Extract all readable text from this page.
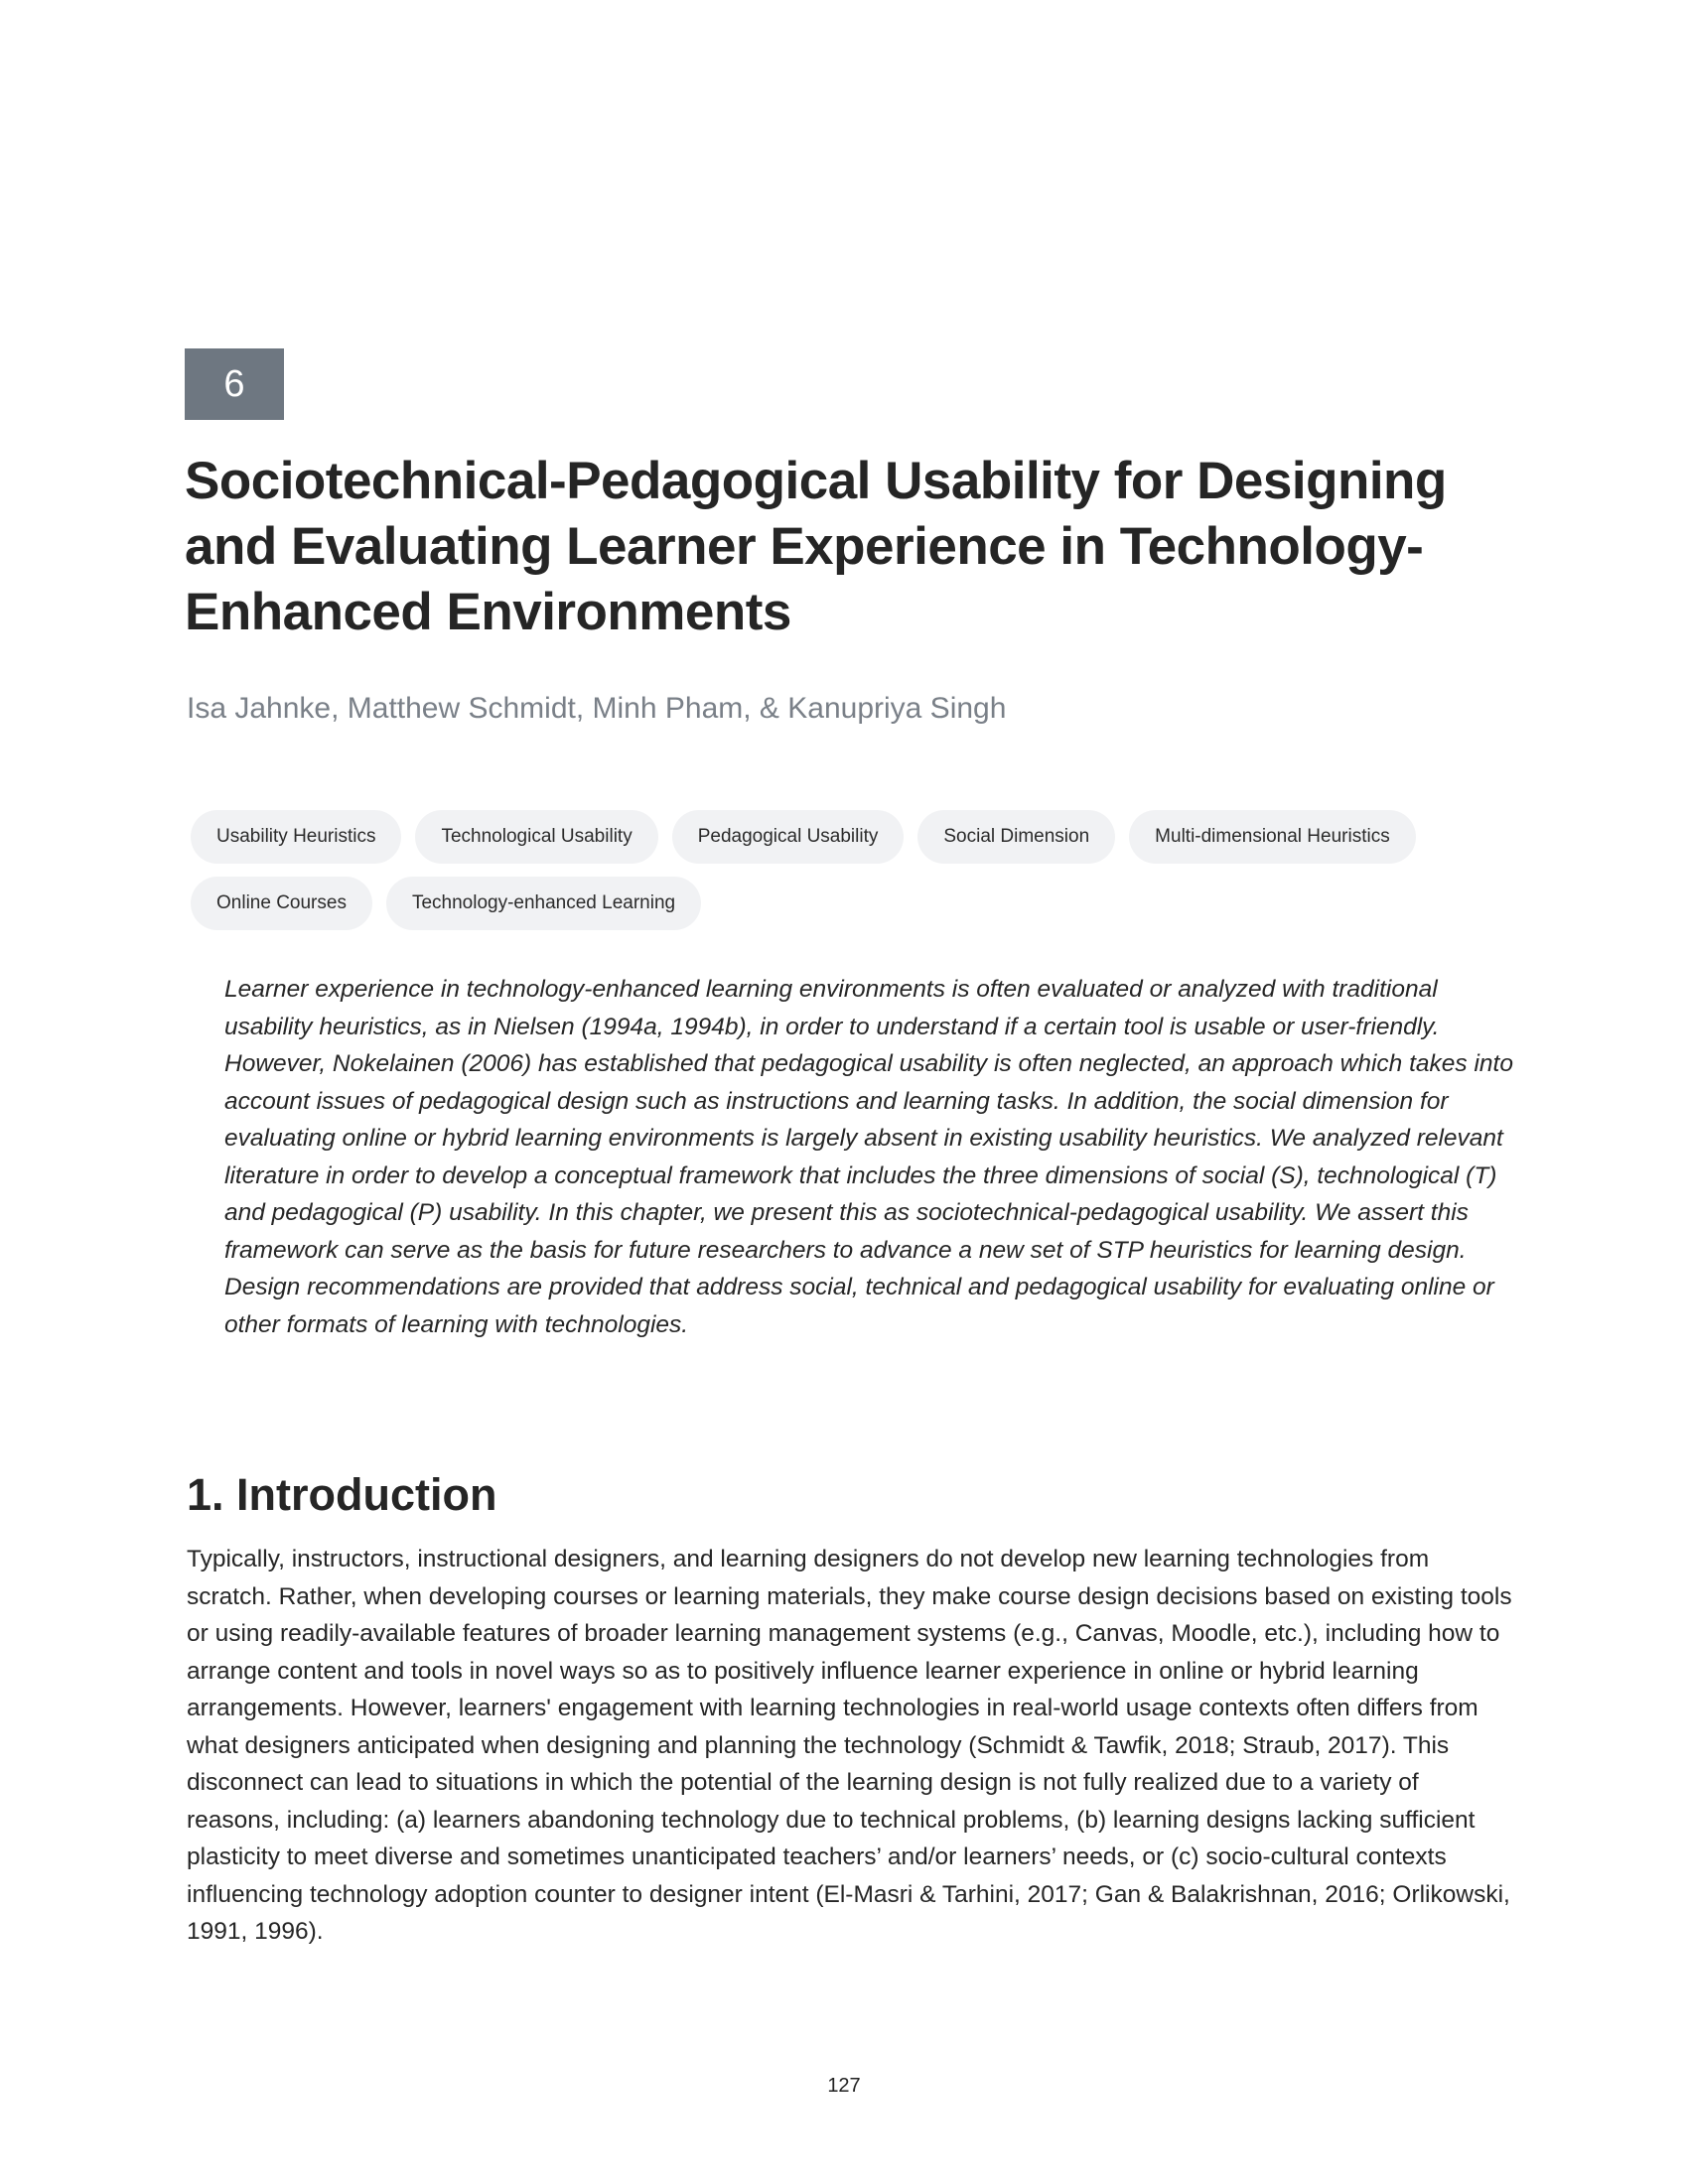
6
Sociotechnical-Pedagogical Usability for Designing and Evaluating Learner Experience in Technology-Enhanced Environments

Isa Jahnke, Matthew Schmidt, Minh Pham, & Kanupriya Singh

Usability Heuristics	Technological Usability	Pedagogical Usability	Social Dimension	Multi-dimensional Heuristics
Online Courses	Technology-enhanced Learning

Learner experience in technology-enhanced learning environments is often evaluated or analyzed with traditional usability heuristics, as in Nielsen (1994a, 1994b), in order to understand if a certain tool is usable or user-friendly. However, Nokelainen (2006) has established that pedagogical usability is often neglected, an approach which takes into account issues of pedagogical design such as instructions and learning tasks. In addition, the social dimension for evaluating online or hybrid learning environments is largely absent in existing usability heuristics. We analyzed relevant literature in order to develop a conceptual framework that includes the three dimensions of social (S), technological (T) and pedagogical (P) usability. In this chapter, we present this as sociotechnical-pedagogical usability. We assert this framework can serve as the basis for future researchers to advance a new set of STP heuristics for learning design. Design recommendations are provided that address social, technical and pedagogical usability for evaluating online or other formats of learning with technologies.

1. Introduction

Typically, instructors, instructional designers, and learning designers do not develop new learning technologies from scratch. Rather, when developing courses or learning materials, they make course design decisions based on existing tools or using readily-available features of broader learning management systems (e.g., Canvas, Moodle, etc.), including how to arrange content and tools in novel ways so as to positively influence learner experience in online or hybrid learning arrangements. However, learners' engagement with learning technologies in real-world usage contexts often differs from what designers anticipated when designing and planning the technology (Schmidt & Tawfik, 2018; Straub, 2017). This disconnect can lead to situations in which the potential of the learning design is not fully realized due to a variety of reasons, including: (a) learners abandoning technology due to technical problems, (b) learning designs lacking sufficient plasticity to meet diverse and sometimes unanticipated teachers’ and/or learners’ needs, or (c) socio-cultural contexts influencing technology adoption counter to designer intent (El-Masri & Tarhini, 2017; Gan & Balakrishnan, 2016; Orlikowski, 1991, 1996).

127
